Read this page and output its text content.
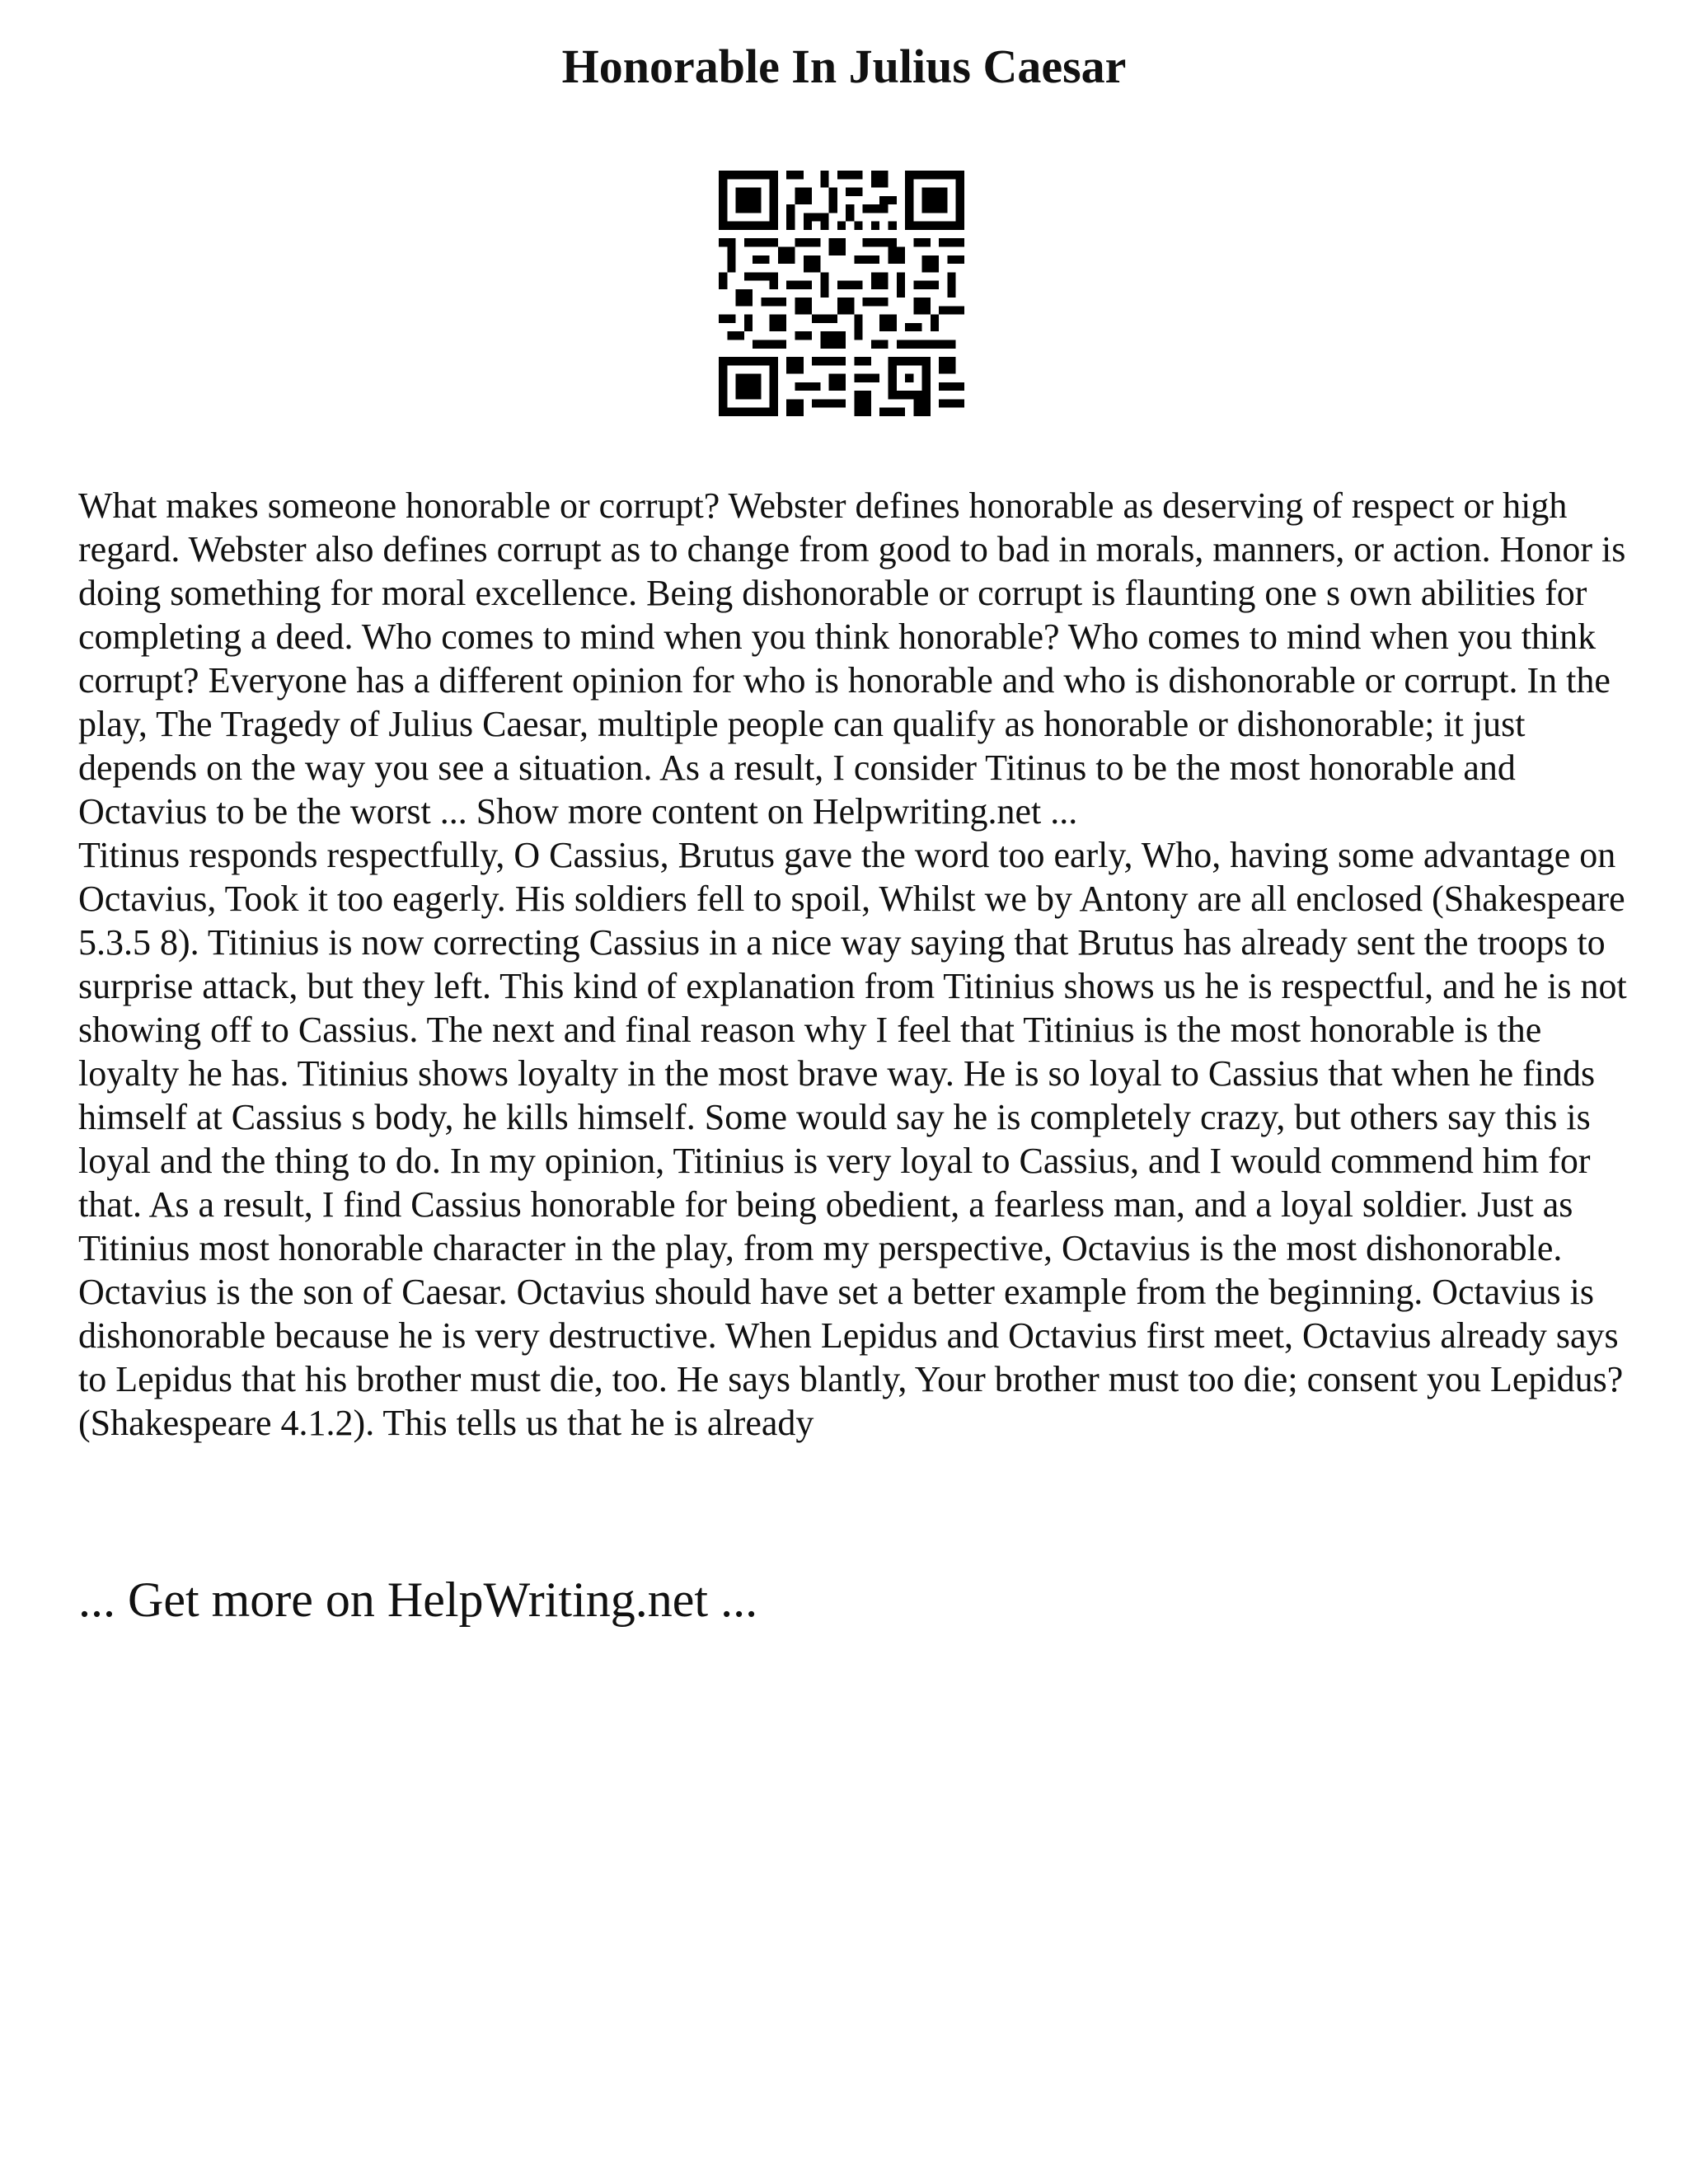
Honorable In Julius Caesar

What makes someone honorable or corrupt? Webster defines honorable as deserving of respect or high regard. Webster also defines corrupt as to change from good to bad in morals, manners, or action. Honor is doing something for moral excellence. Being dishonorable or corrupt is flaunting one s own abilities for completing a deed. Who comes to mind when you think honorable? Who comes to mind when you think corrupt? Everyone has a different opinion for who is honorable and who is dishonorable or corrupt. In the play, The Tragedy of Julius Caesar, multiple people can qualify as honorable or dishonorable; it just depends on the way you see a situation. As a result, I consider Titinus to be the most honorable and Octavius to be the worst ... Show more content on Helpwriting.net ...

Titinus responds respectfully, O Cassius, Brutus gave the word too early, Who, having some advantage on Octavius, Took it too eagerly. His soldiers fell to spoil, Whilst we by Antony are all enclosed (Shakespeare 5.3.5 8). Titinius is now correcting Cassius in a nice way saying that Brutus has already sent the troops to surprise attack, but they left. This kind of explanation from Titinius shows us he is respectful, and he is not showing off to Cassius. The next and final reason why I feel that Titinius is the most honorable is the loyalty he has. Titinius shows loyalty in the most brave way. He is so loyal to Cassius that when he finds himself at Cassius s body, he kills himself. Some would say he is completely crazy, but others say this is loyal and the thing to do. In my opinion, Titinius is very loyal to Cassius, and I would commend him for that. As a result, I find Cassius honorable for being obedient, a fearless man, and a loyal soldier. Just as Titinius most honorable character in the play, from my perspective, Octavius is the most dishonorable. Octavius is the son of Caesar. Octavius should have set a better example from the beginning. Octavius is dishonorable because he is very destructive. When Lepidus and Octavius first meet, Octavius already says to Lepidus that his brother must die, too. He says blantly, Your brother must too die; consent you Lepidus? (Shakespeare 4.1.2). This tells us that he is already

... Get more on HelpWriting.net ...
